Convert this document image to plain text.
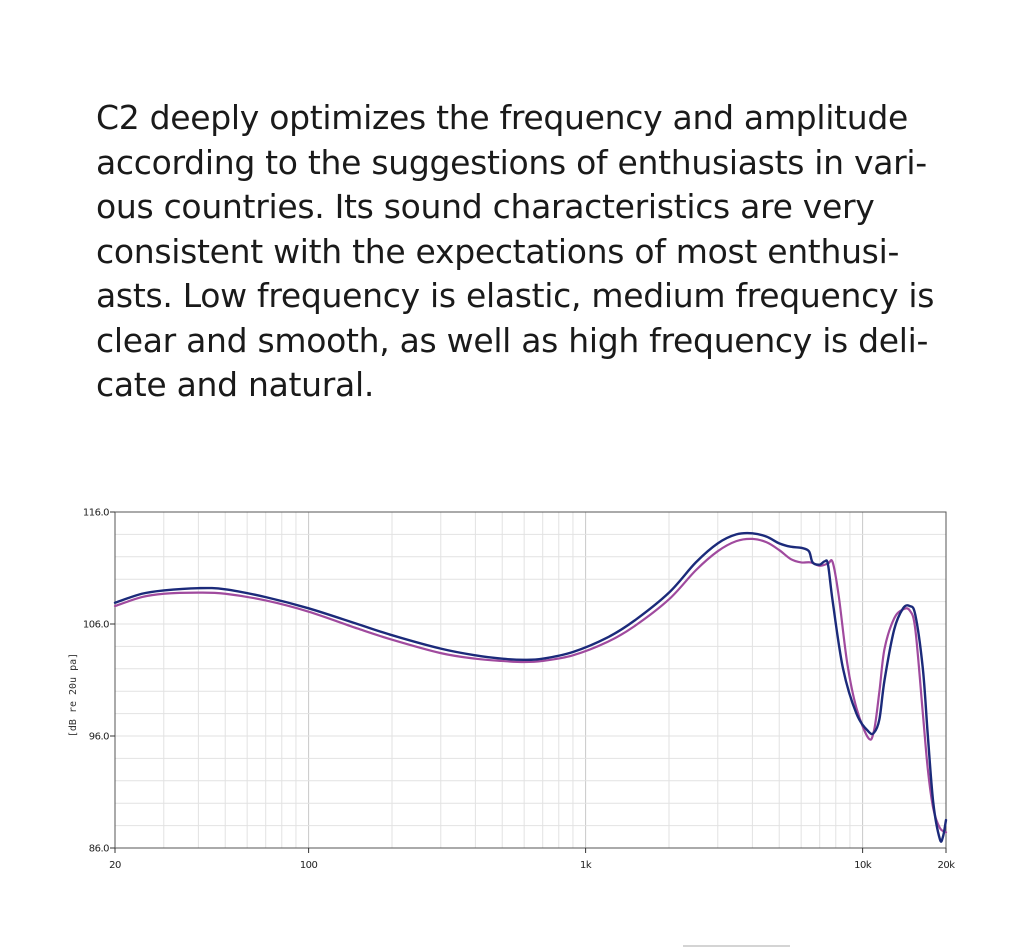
C2 deeply optimizes the frequency and amplitude
according to the suggestions of enthusiasts in vari-
ous countries. Its sound characteristics are very
consistent with the expectations of most enthusi-
asts. Low frequency is elastic, medium frequency is
clear and smooth, as well as high frequency is deli-
cate and natural.
116.0
106.0
96.0
86.0
20	100	1k	10k	20k
[dB re 20u pa]
